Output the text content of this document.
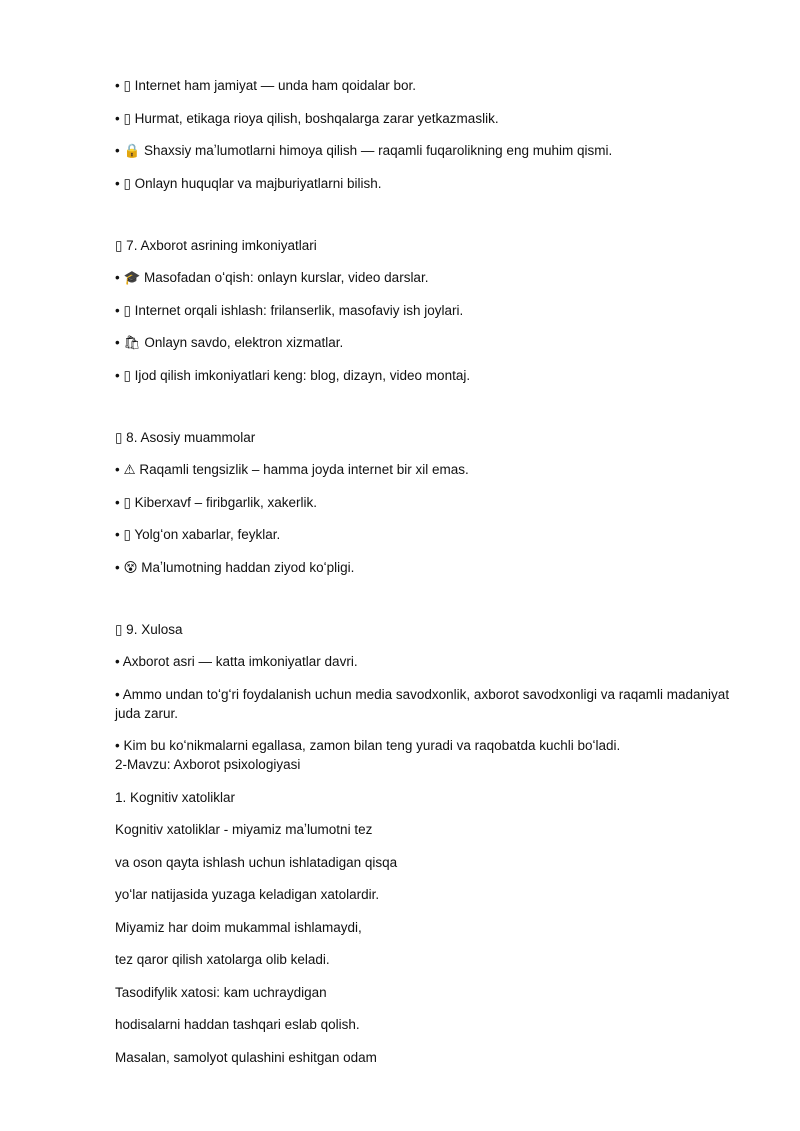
• ▯ Internet ham jamiyat — unda ham qoidalar bor.

• ▯ Hurmat, etikaga rioya qilish, boshqalarga zarar yetkazmaslik.

• 🔒 Shaxsiy maʼlumotlarni himoya qilish — raqamli fuqarolikning eng muhim qismi.

• ▯ Onlayn huquqlar va majburiyatlarni bilish.

▯ 7. Axborot asrining imkoniyatlari

• 🎓 Masofadan oʻqish: onlayn kurslar, video darslar.

• ▯ Internet orqali ishlash: frilanserlik, masofaviy ish joylari.

• 🛍 Onlayn savdo, elektron xizmatlar.

• ▯ Ijod qilish imkoniyatlari keng: blog, dizayn, video montaj.

▯ 8. Asosiy muammolar

• ⚠ Raqamli tengsizlik – hamma joyda internet bir xil emas.

• ▯ Kiberxavf – firibgarlik, xakerlik.

• ▯ Yolgʻon xabarlar, feyklar.

• 😵 Maʼlumotning haddan ziyod koʻpligi.

▯ 9. Xulosa

• Axborot asri — katta imkoniyatlar davri.

• Ammo undan toʻgʻri foydalanish uchun media savodxonlik, axborot savodxonligi va raqamli madaniyat juda zarur.

• Kim bu koʻnikmalarni egallasa, zamon bilan teng yuradi va raqobatda kuchli boʻladi.

2-Mavzu: Axborot psixologiyasi

1. Kognitiv xatoliklar

Kognitiv xatoliklar - miyamiz maʼlumotni tez

va oson qayta ishlash uchun ishlatadigan qisqa

yoʻlar natijasida yuzaga keladigan xatolardir.

Miyamiz har doim mukammal ishlamaydi,

tez qaror qilish xatolarga olib keladi.

Tasodifylik xatosi: kam uchraydigan

hodisalarni haddan tashqari eslab qolish.

Masalan, samolyot qulashini eshitgan odam
